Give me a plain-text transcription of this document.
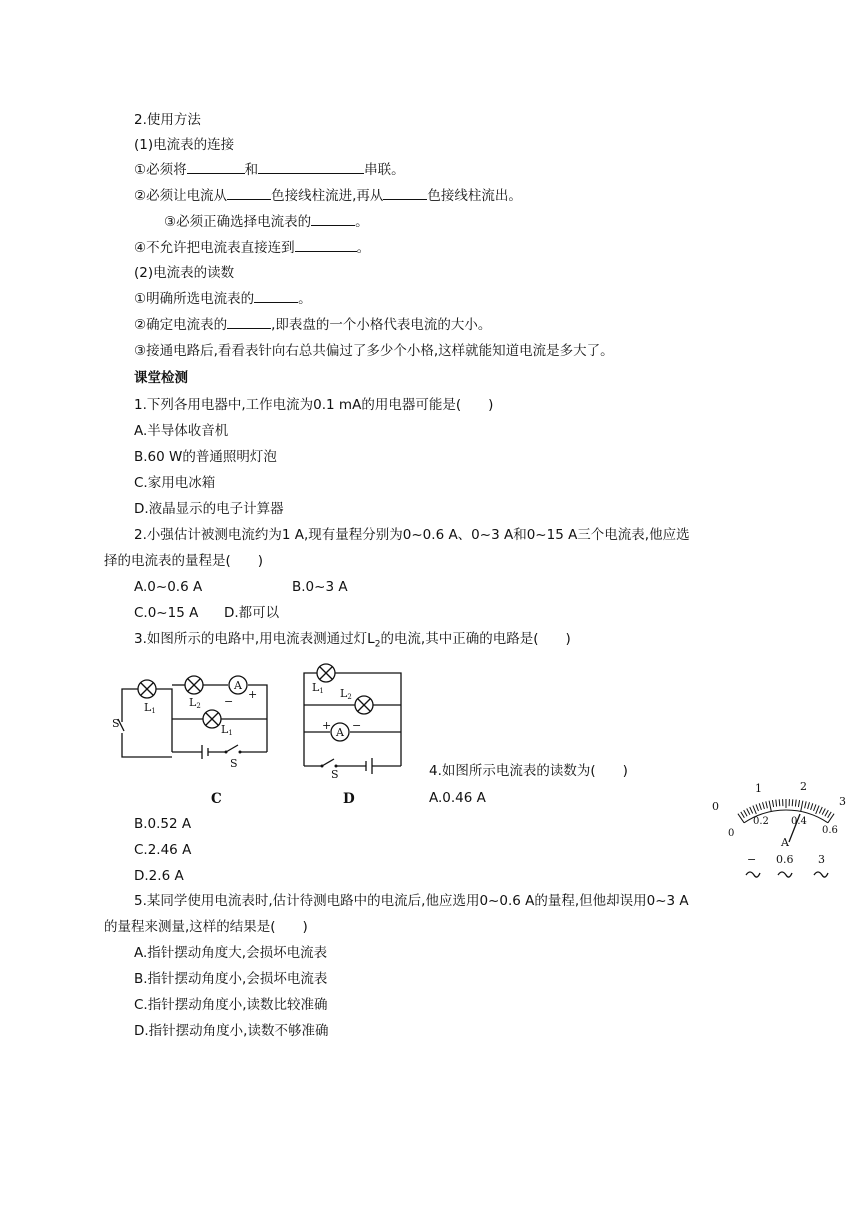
2.使用方法
(1)电流表的连接
①必须将	和	串联。
②必须让电流从	色接线柱流进,再从	色接线柱流出。
③必须正确选择电流表的	。
④不允许把电流表直接连到	。
(2)电流表的读数
①明确所选电流表的	。
②确定电流表的	,即表盘的一个小格代表电流的大小。
③接通电路后,看看表针向右总共偏过了多少个小格,这样就能知道电流是多大了。
课堂检测
1.下列各用电器中,工作电流为0.1 mA的用电器可能是(　　)
A.半导体收音机
B.60 W的普通照明灯泡
C.家用电冰箱
D.液晶显示的电子计算器
2.小强估计被测电流约为1 A,现有量程分别为0~0.6 A、0~3 A和0~15 A三个电流表,他应选
择的电流表的量程是(　　)
A.0~0.6 A	B.0~3 A
C.0~15 A D.都可以
3.如图所示的电路中,用电流表测通过灯$L_2$的电流,其中正确的电路是(　　)
A
−
+
L1
L2
L1
S
S
C
A
+ −
L1 L2
S
D
4.如图所示电流表的读数为(　　)
A.0.46 A
B.0.52 A
C.2.46 A
D.2.6 A
0
1	2
3
0
0.2 0.4
0.6
A
− 0.6 3
5.某同学使用电流表时,估计待测电路中的电流后,他应选用0~0.6 A的量程,但他却误用0~3 A
的量程来测量,这样的结果是(　　)
A.指针摆动角度大,会损坏电流表
B.指针摆动角度小,会损坏电流表
C.指针摆动角度小,读数比较准确
D.指针摆动角度小,读数不够准确
